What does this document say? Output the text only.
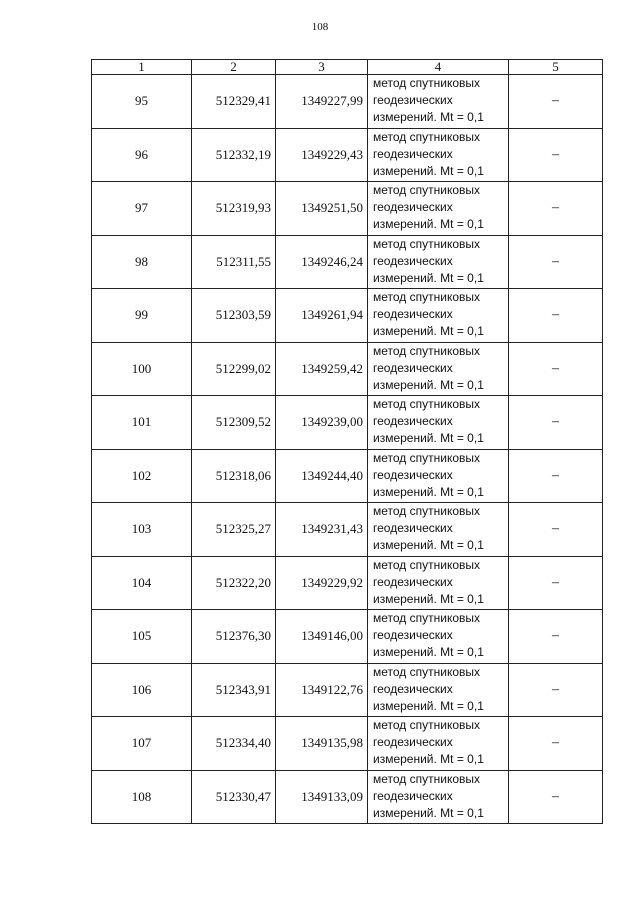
108
1	2	3	4	5
95	512329,41	1349227,99	метод спутниковых
геодезических
измерений. Mt = 0,1	–
96	512332,19	1349229,43	метод спутниковых
геодезических
измерений. Mt = 0,1	–
97	512319,93	1349251,50	метод спутниковых
геодезических
измерений. Mt = 0,1	–
98	512311,55	1349246,24	метод спутниковых
геодезических
измерений. Mt = 0,1	–
99	512303,59	1349261,94	метод спутниковых
геодезических
измерений. Mt = 0,1	–
100	512299,02	1349259,42	метод спутниковых
геодезических
измерений. Mt = 0,1	–
101	512309,52	1349239,00	метод спутниковых
геодезических
измерений. Mt = 0,1	–
102	512318,06	1349244,40	метод спутниковых
геодезических
измерений. Mt = 0,1	–
103	512325,27	1349231,43	метод спутниковых
геодезических
измерений. Mt = 0,1	–
104	512322,20	1349229,92	метод спутниковых
геодезических
измерений. Mt = 0,1	–
105	512376,30	1349146,00	метод спутниковых
геодезических
измерений. Mt = 0,1	–
106	512343,91	1349122,76	метод спутниковых
геодезических
измерений. Mt = 0,1	–
107	512334,40	1349135,98	метод спутниковых
геодезических
измерений. Mt = 0,1	–
108	512330,47	1349133,09	метод спутниковых
геодезических
измерений. Mt = 0,1	–
